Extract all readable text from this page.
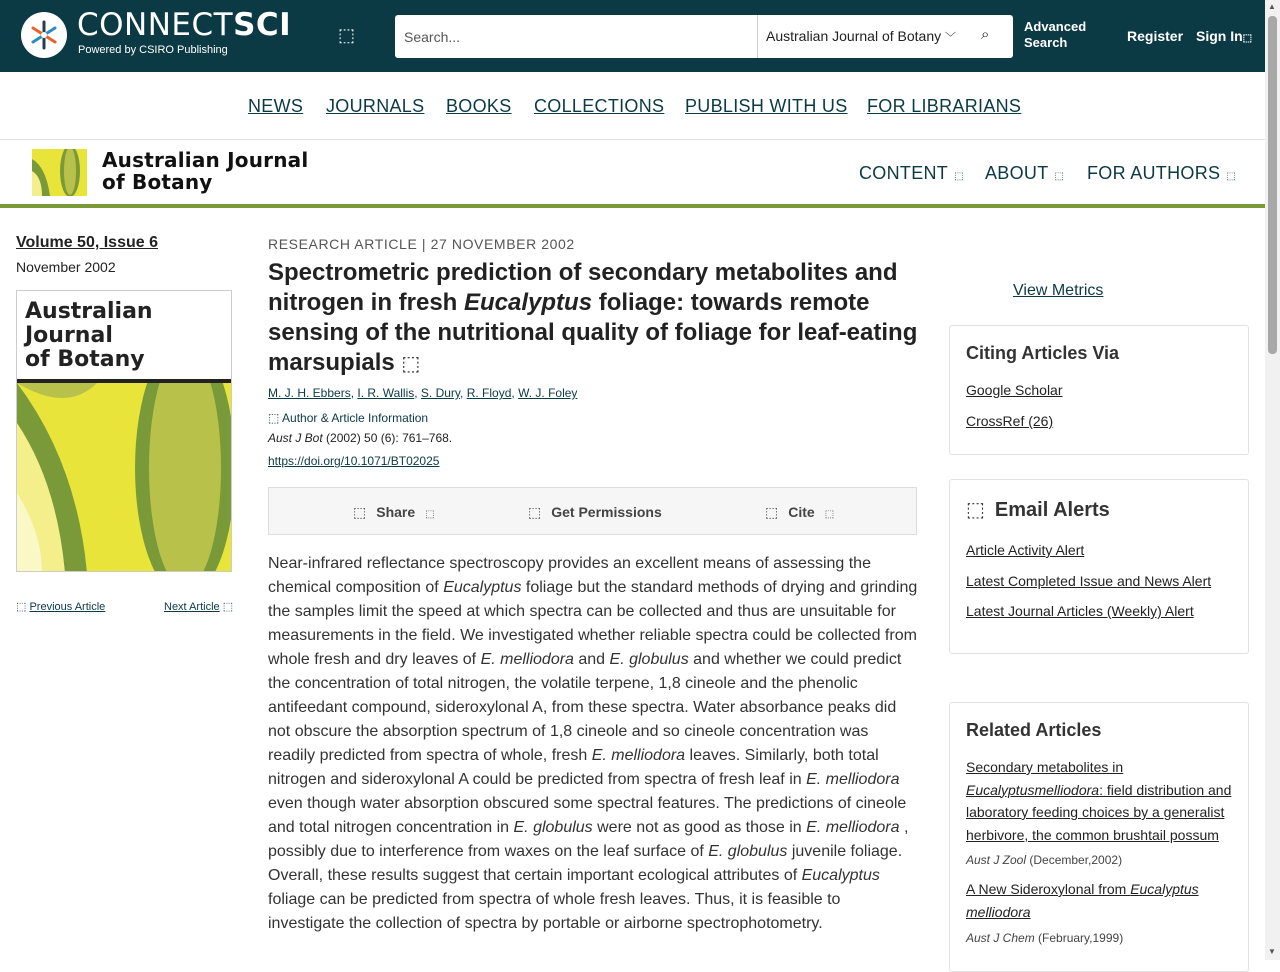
CONNECTSCI
Powered by CSIRO Publishing
⬚
Search...	Australian Journal of Botany ﹀ ⌕	Advanced Search	Register Sign In⬚
NEWS JOURNALS BOOKS COLLECTIONS PUBLISH WITH US FOR LIBRARIANS
Australian Journal
of Botany	CONTENT ⬚ ABOUT ⬚ FOR AUTHORS ⬚
Volume 50, Issue 6
November 2002
Australian
Journal
of Botany
⬚ Previous Article	Next Article ⬚
RESEARCH ARTICLE | 27 NOVEMBER 2002
Spectrometric prediction of secondary metabolites and nitrogen in fresh Eucalyptus foliage: towards remote sensing of the nutritional quality of foliage for leaf-eating marsupials ⬚
M. J. H. Ebbers, I. R. Wallis, S. Dury, R. Floyd, W. J. Foley
⬚ Author & Article Information
Aust J Bot (2002) 50 (6): 761–768.
https://doi.org/10.1071/BT02025
⬚ Share ⬚	⬚ Get Permissions	⬚ Cite ⬚
Near-infrared reflectance spectroscopy provides an excellent means of assessing the chemical composition of Eucalyptus foliage but the standard methods of drying and grinding the samples limit the speed at which spectra can be collected and thus are unsuitable for measurements in the field. We investigated whether reliable spectra could be collected from whole fresh and dry leaves of E. melliodora and E. globulus and whether we could predict the concentration of total nitrogen, the volatile terpene, 1,8 cineole and the phenolic antifeedant compound, sideroxylonal A, from these spectra. Water absorbance peaks did not obscure the absorption spectrum of 1,8 cineole and so cineole concentration was readily predicted from spectra of whole, fresh E. melliodora leaves. Similarly, both total nitrogen and sideroxylonal A could be predicted from spectra of fresh leaf in E. melliodora even though water absorption obscured some spectral features. The predictions of cineole and total nitrogen concentration in E. globulus were not as good as those in E. melliodora , possibly due to interference from waxes on the leaf surface of E. globulus juvenile foliage. Overall, these results suggest that certain important ecological attributes of Eucalyptus foliage can be predicted from spectra of whole fresh leaves. Thus, it is feasible to investigate the collection of spectra by portable or airborne spectrophotometry.
View Metrics
Citing Articles Via
Google Scholar
CrossRef (26)
⬚ Email Alerts
Article Activity Alert
Latest Completed Issue and News Alert
Latest Journal Articles (Weekly) Alert
Related Articles
Secondary metabolites in Eucalyptusmelliodora: field distribution and laboratory feeding choices by a generalist herbivore, the common brushtail possum
Aust J Zool (December,2002)
A New Sideroxylonal from Eucalyptus melliodora
Aust J Chem (February,1999)
▲
▼
